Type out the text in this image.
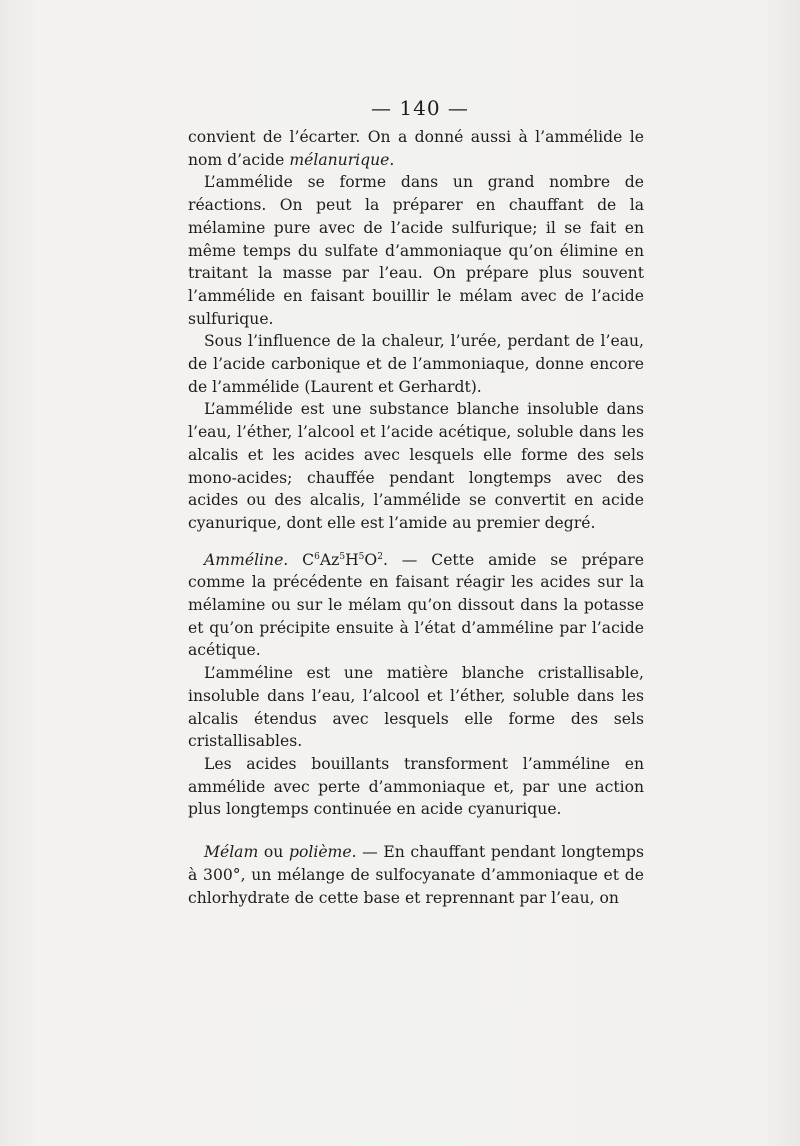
— 140 —

convient de l’écarter. On a donné aussi à l’ammélide le nom d’acide mélanurique.

L’ammélide se forme dans un grand nombre de réactions. On peut la préparer en chauffant de la mélamine pure avec de l’acide sulfurique; il se fait en même temps du sulfate d’ammoniaque qu’on élimine en traitant la masse par l’eau. On prépare plus souvent l’ammélide en faisant bouillir le mélam avec de l’acide sulfurique.

Sous l’influence de la chaleur, l’urée, perdant de l’eau, de l’acide carbonique et de l’ammoniaque, donne encore de l’ammélide (Laurent et Gerhardt).

L’ammélide est une substance blanche insoluble dans l’eau, l’éther, l’alcool et l’acide acétique, soluble dans les alcalis et les acides avec lesquels elle forme des sels mono-acides; chauffée pendant longtemps avec des acides ou des alcalis, l’ammélide se convertit en acide cyanurique, dont elle est l’amide au premier degré.

Amméline. $C^6Az^5H^5O^2$. — Cette amide se prépare comme la précédente en faisant réagir les acides sur la mélamine ou sur le mélam qu’on dissout dans la potasse et qu’on précipite ensuite à l’état d’amméline par l’acide acétique.

L’amméline est une matière blanche cristallisable, insoluble dans l’eau, l’alcool et l’éther, soluble dans les alcalis étendus avec lesquels elle forme des sels cristallisables.

Les acides bouillants transforment l’amméline en ammélide avec perte d’ammoniaque et, par une action plus longtemps continuée en acide cyanurique.

Mélam ou polième. — En chauffant pendant longtemps à 300°, un mélange de sulfocyanate d’ammoniaque et de chlorhydrate de cette base et reprennant par l’eau, on
